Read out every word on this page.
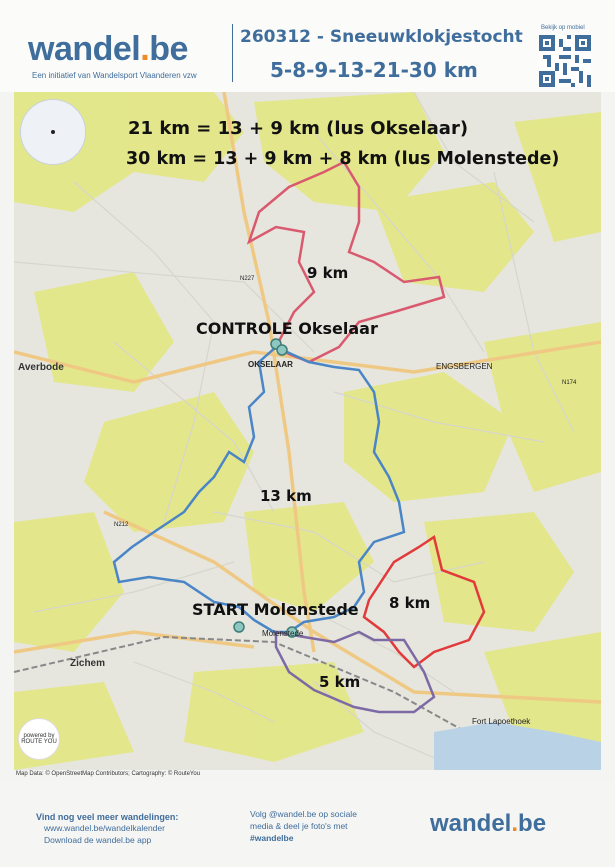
wandel.be
Een initiatief van Wandelsport Vlaanderen vzw
260312 - Sneeuwklokjestocht
5-8-9-13-21-30 km
Bekijk op mobiel
Averbode	OKSELAAR	ENGSBERGEN
Zichem
Molenstede
Fort Lapoethoek
N212
N227
N174
21 km = 13 + 9 km (lus Okselaar)
30 km = 13 + 9 km + 8 km (lus Molenstede)
9 km
CONTROLE Okselaar
13 km
START Molenstede 8 km
5 km
powered by ROUTE YOU
Map Data: © OpenStreetMap Contributors; Cartography: © RouteYou
Vind nog veel meer wandelingen:
www.wandel.be/wandelkalender
Download de wandel.be app
Volg @wandel.be op sociale
media & deel je foto's met
#wandelbe
wandel.be
